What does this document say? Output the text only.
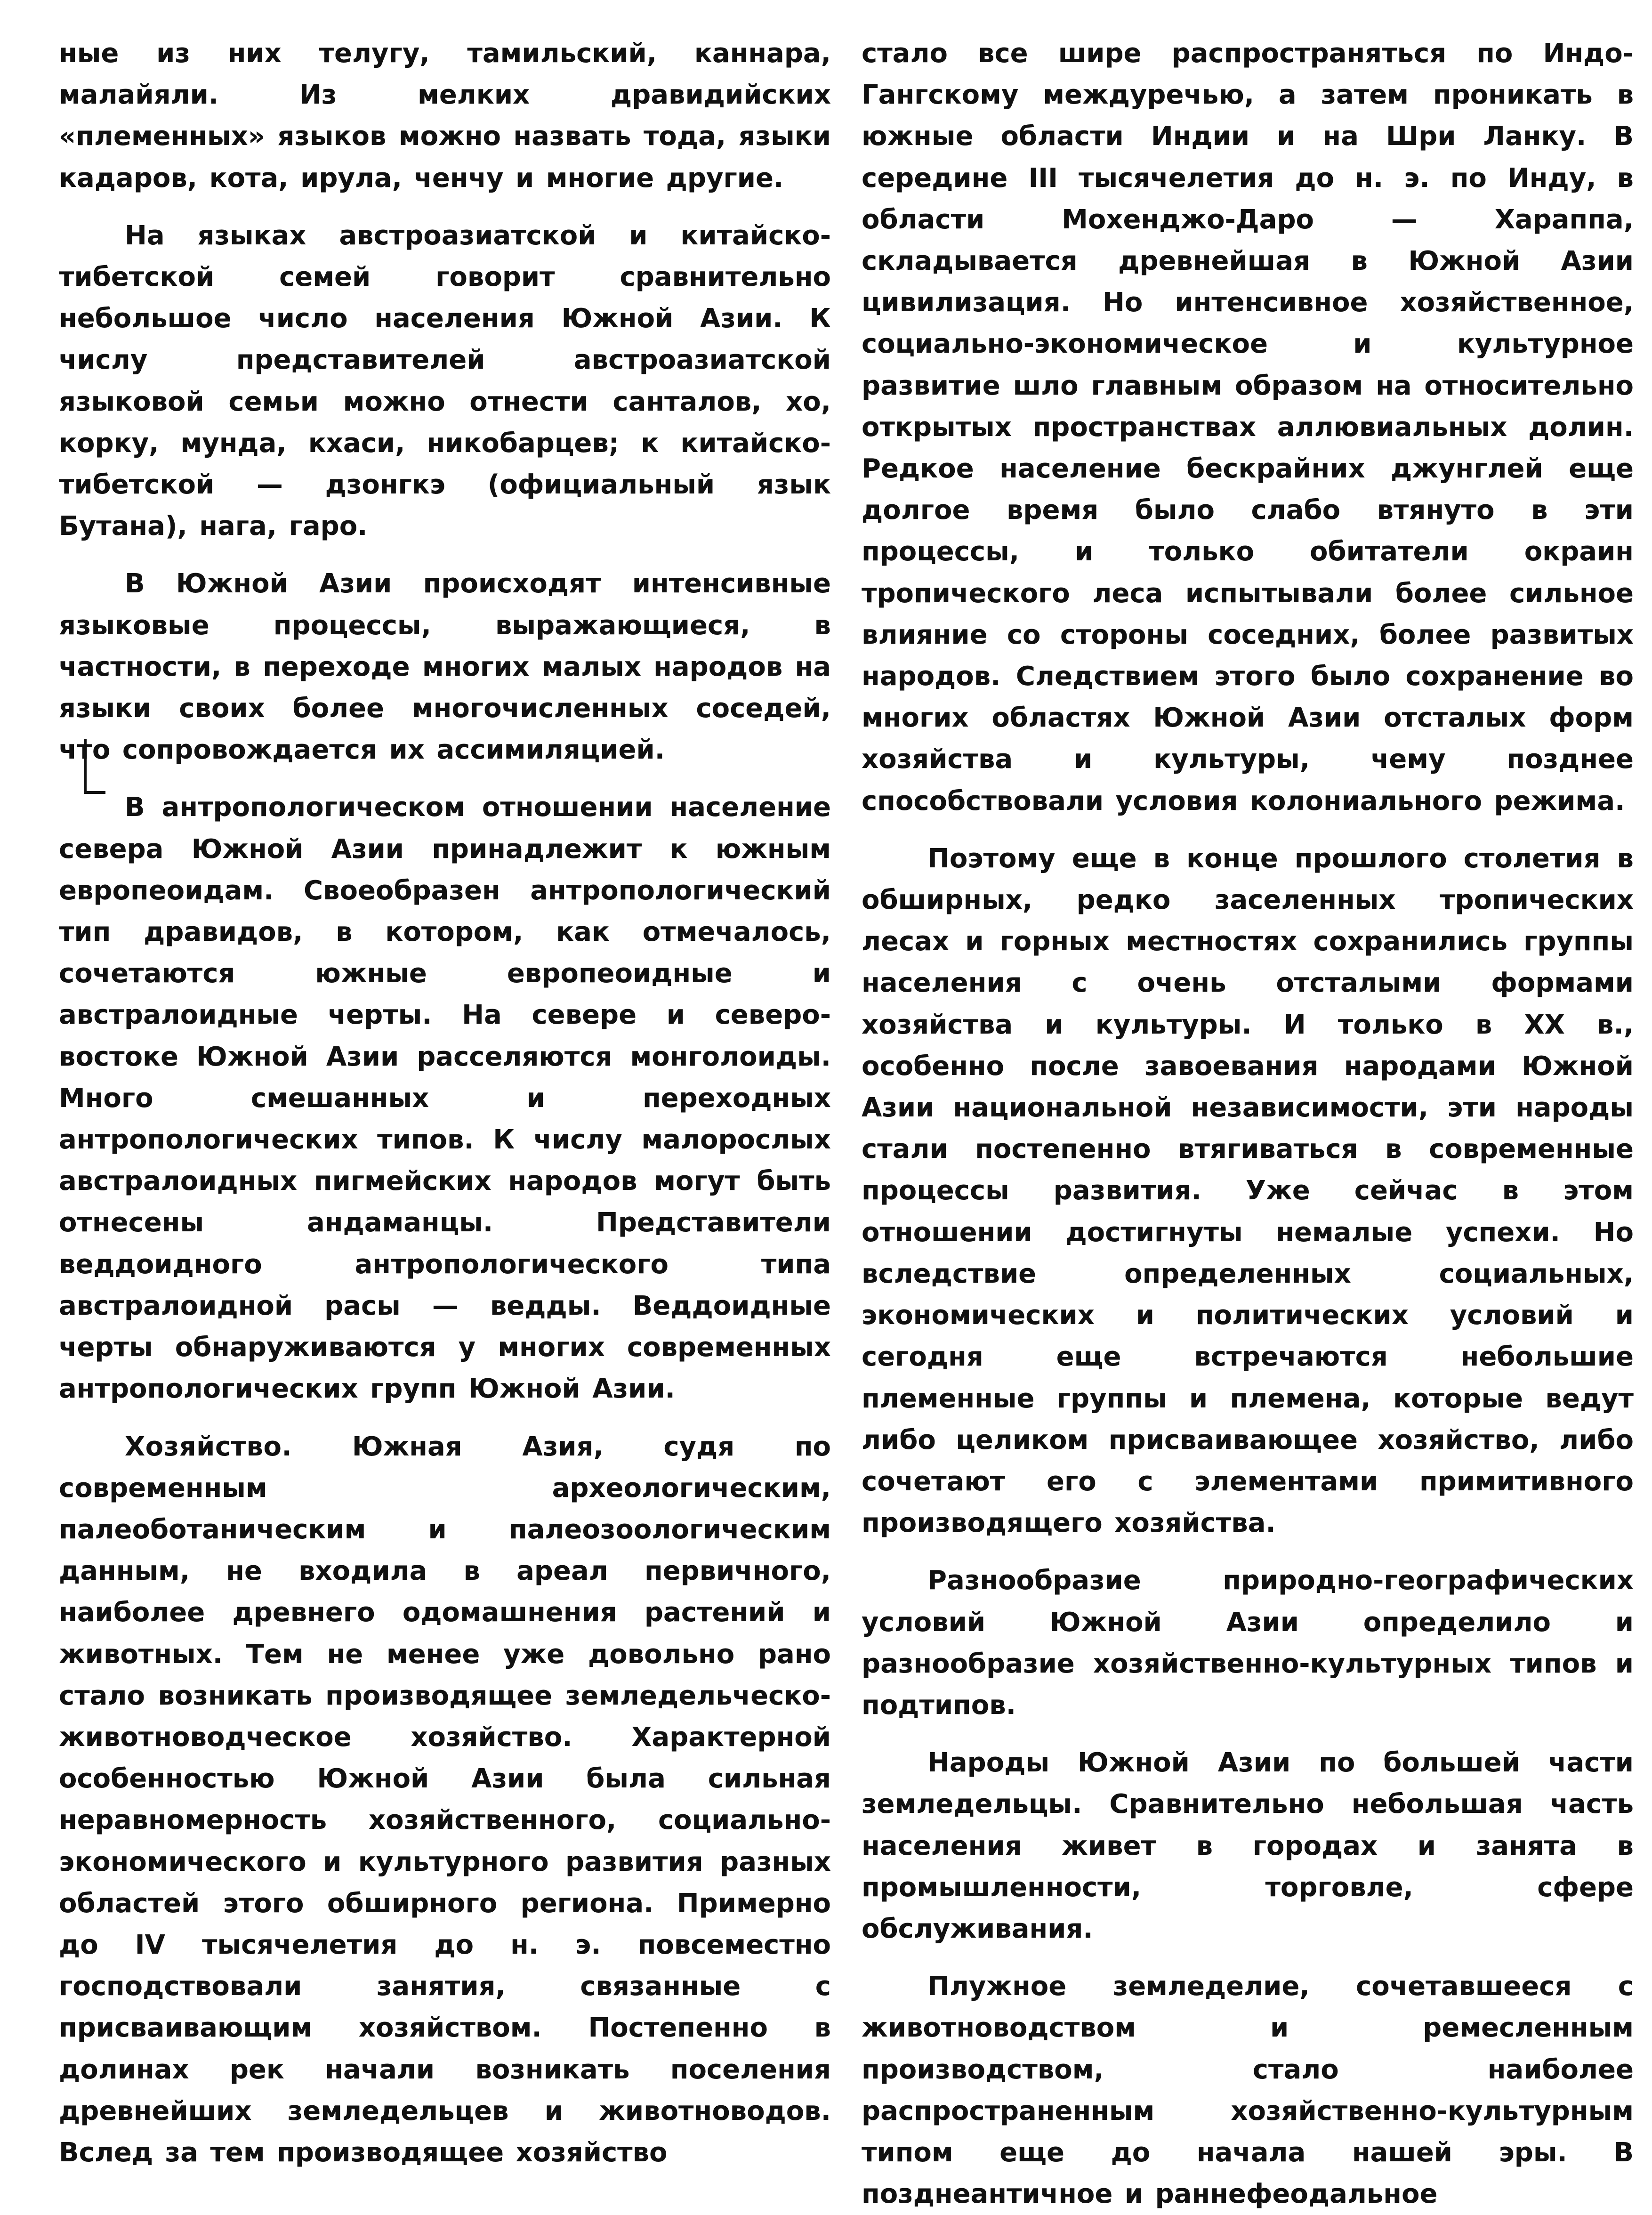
ные из них телугу, тамильский, каннара, малайяли. Из мелких дравидийских «племенных» языков можно назвать тода, языки кадаров, кота, ирула, ченчу и многие другие.

На языках австроазиатской и китайско-тибетской семей говорит сравнительно небольшое число населения Южной Азии. К числу представителей австроазиатской языковой семьи можно отнести санталов, хо, корку, мунда, кхаси, никобарцев; к китайско-тибетской — дзонгкэ (официальный язык Бутана), нага, гаро.

В Южной Азии происходят интенсивные языковые процессы, выражающиеся, в частности, в переходе многих малых народов на языки своих более многочисленных соседей, что сопровождается их ассимиляцией.

В антропологическом отношении население севера Южной Азии принадлежит к южным европеоидам. Своеобразен антропологический тип дравидов, в котором, как отмечалось, сочетаются южные европеоидные и австралоидные черты. На севере и северо-востоке Южной Азии расселяются монголоиды. Много смешанных и переходных антропологических типов. К числу малорослых австралоидных пигмейских народов могут быть отнесены андаманцы. Представители веддоидного антропологического типа австралоидной расы — ведды. Веддоидные черты обнаруживаются у многих современных антропологических групп Южной Азии.

Хозяйство. Южная Азия, судя по современным археологическим, палеоботаническим и палеозоологическим данным, не входила в ареал первичного, наиболее древнего одомашнения растений и животных. Тем не менее уже довольно рано стало возникать производящее земледельческо-животноводческое хозяйство. Характерной особенностью Южной Азии была сильная неравномерность хозяйственного, социально-экономического и культурного развития разных областей этого обширного региона. Примерно до IV тысячелетия до н. э. повсеместно господствовали занятия, связанные с присваивающим хозяйством. Постепенно в долинах рек начали возникать поселения древнейших земледельцев и животноводов. Вслед за тем производящее хозяйство

стало все шире распространяться по Индо-Гангскому междуречью, а затем проникать в южные области Индии и на Шри Ланку. В середине III тысячелетия до н. э. по Инду, в области Мохенджо-Даро — Хараппа, складывается древнейшая в Южной Азии цивилизация. Но интенсивное хозяйственное, социально-экономическое и культурное развитие шло главным образом на относительно открытых пространствах аллювиальных долин. Редкое население бескрайних джунглей еще долгое время было слабо втянуто в эти процессы, и только обитатели окраин тропического леса испытывали более сильное влияние со стороны соседних, более развитых народов. Следствием этого было сохранение во многих областях Южной Азии отсталых форм хозяйства и культуры, чему позднее способствовали условия колониального режима.

Поэтому еще в конце прошлого столетия в обширных, редко заселенных тропических лесах и горных местностях сохранились группы населения с очень отсталыми формами хозяйства и культуры. И только в XX в., особенно после завоевания народами Южной Азии национальной независимости, эти народы стали постепенно втягиваться в современные процессы развития. Уже сейчас в этом отношении достигнуты немалые успехи. Но вследствие определенных социальных, экономических и политических условий и сегодня еще встречаются небольшие племенные группы и племена, которые ведут либо целиком присваивающее хозяйство, либо сочетают его с элементами примитивного производящего хозяйства.

Разнообразие природно-географических условий Южной Азии определило и разнообразие хозяйственно-культурных типов и подтипов.

Народы Южной Азии по большей части земледельцы. Сравнительно небольшая часть населения живет в городах и занята в промышленности, торговле, сфере обслуживания.

Плужное земледелие, сочетавшееся с животноводством и ремесленным производством, стало наиболее распространенным хозяйственно-культурным типом еще до начала нашей эры. В позднеантичное и раннефеодальное
